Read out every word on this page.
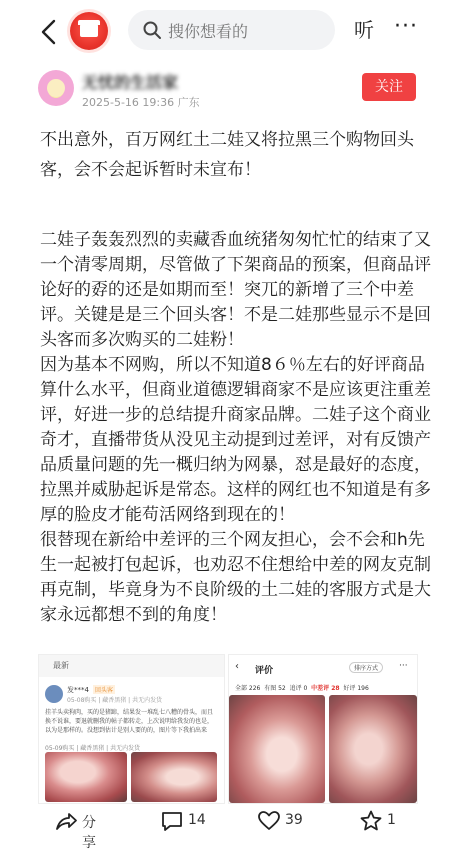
搜你想看的	听 ···
无忧的生活家
2025-5-16 19:36 广东
关注
不出意外，百万网红土二娃又将拉黑三个购物回头客，会不会起诉暂时未宣布！

二娃子轰轰烈烈的卖藏香血统猪匆匆忙忙的结束了又一个清零周期，尽管做了下架商品的预案，但商品评论好的孬的还是如期而至！突兀的新增了三个中差评。关键是是三个回头客！不是二娃那些显示不是回头客而多次购买的二娃粉！

因为基本不网购，所以不知道8６％左右的好评商品算什么水平，但商业道德逻辑商家不是应该更注重差评，好进一步的总结提升商家品牌。二娃子这个商业奇才，直播带货从没见主动提到过差评，对有反馈产品质量问题的先一概归纳为网暴，怼是最好的态度，拉黑并威胁起诉是常态。这样的网红也不知道是有多厚的脸皮才能苟活网络到现在的！

很替现在新给中差评的三个网友担心，会不会和h先生一起被打包起诉，也劝忍不住想给中差的网友克制再克制，毕竟身为不良阶级的土二娃的客服方式是大家永远都想不到的角度！

最新
发***4	回头客
05-08购买 | 藏香黑猪 | 共无内发货
挂羊头卖狗肉，买的是猪蹄，结果发一堆乱七八糟的骨头，而且换不说谁，要退就删我的帖子都转走，上次说明给我发的也是，以为是那样的。没想到估计是别人要的的，图片等下我拍出来
05-09购买 | 藏香黑猪 | 共无内发货
‹ 评价	排序方式	···
全部 226 有图 52 追评 0 中差评 28 好评 196
分享
14	39	1
